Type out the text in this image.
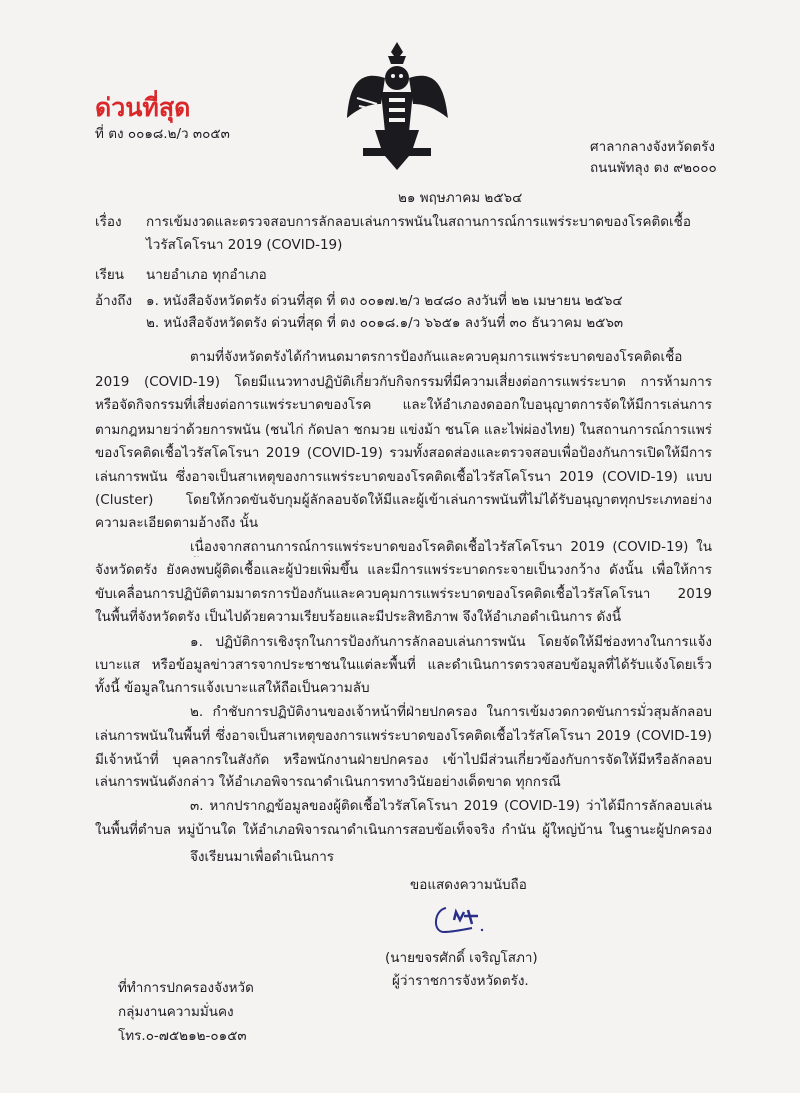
ด่วนที่สุด
ที่ ตง ๐๐๑๘.๒/ว ๓๐๕๓
ศาลากลางจังหวัดตรัง
ถนนพัทลุง ตง ๙๒๐๐๐
๒๑ พฤษภาคม ๒๕๖๔
เรื่อง การเข้มงวดและตรวจสอบการลักลอบเล่นการพนันในสถานการณ์การแพร่ระบาดของโรคติดเชื้อ
ไวรัสโคโรนา 2019 (COVID-19)
เรียน นายอำเภอ ทุกอำเภอ
อ้างถึง ๑. หนังสือจังหวัดตรัง ด่วนที่สุด ที่ ตง ๐๐๑๗.๒/ว ๒๔๘๐ ลงวันที่ ๒๒ เมษายน ๒๕๖๔
๒. หนังสือจังหวัดตรัง ด่วนที่สุด ที่ ตง ๐๐๑๘.๑/ว ๖๖๕๑ ลงวันที่ ๓๐ ธันวาคม ๒๕๖๓
ตามที่จังหวัดตรังได้กำหนดมาตรการป้องกันและควบคุมการแพร่ระบาดของโรคติดเชื้อ
2019 (COVID-19) โดยมีแนวทางปฏิบัติเกี่ยวกับกิจกรรมที่มีความเสี่ยงต่อการแพร่ระบาด การห้ามการ
หรือจัดกิจกรรมที่เสี่ยงต่อการแพร่ระบาดของโรค และให้อำเภองดออกใบอนุญาตการจัดให้มีการเล่นการ
ตามกฎหมายว่าด้วยการพนัน (ชนไก่ กัดปลา ชกมวย แข่งม้า ชนโค และไพ่ผ่องไทย) ในสถานการณ์การแพร่
ของโรคติดเชื้อไวรัสโคโรนา 2019 (COVID-19) รวมทั้งสอดส่องและตรวจสอบเพื่อป้องกันการเปิดให้มีการ
เล่นการพนัน ซึ่งอาจเป็นสาเหตุของการแพร่ระบาดของโรคติดเชื้อไวรัสโคโรนา 2019 (COVID-19) แบบ
(Cluster) โดยให้กวดขันจับกุมผู้ลักลอบจัดให้มีและผู้เข้าเล่นการพนันที่ไม่ได้รับอนุญาตทุกประเภทอย่าง
ความละเอียดตามอ้างถึง นั้น
เนื่องจากสถานการณ์การแพร่ระบาดของโรคติดเชื้อไวรัสโคโรนา 2019 (COVID-19) ใน
จังหวัดตรัง ยังคงพบผู้ติดเชื้อและผู้ป่วยเพิ่มขึ้น และมีการแพร่ระบาดกระจายเป็นวงกว้าง ดังนั้น เพื่อให้การ
ขับเคลื่อนการปฏิบัติตามมาตรการป้องกันและควบคุมการแพร่ระบาดของโรคติดเชื้อไวรัสโคโรนา 2019
ในพื้นที่จังหวัดตรัง เป็นไปด้วยความเรียบร้อยและมีประสิทธิภาพ จึงให้อำเภอดำเนินการ ดังนี้
๑. ปฏิบัติการเชิงรุกในการป้องกันการลักลอบเล่นการพนัน โดยจัดให้มีช่องทางในการแจ้ง
เบาะแส หรือข้อมูลข่าวสารจากประชาชนในแต่ละพื้นที่ และดำเนินการตรวจสอบข้อมูลที่ได้รับแจ้งโดยเร็ว
ทั้งนี้ ข้อมูลในการแจ้งเบาะแสให้ถือเป็นความลับ
๒. กำชับการปฏิบัติงานของเจ้าหน้าที่ฝ่ายปกครอง ในการเข้มงวดกวดขันการมั่วสุมลักลอบ
เล่นการพนันในพื้นที่ ซึ่งอาจเป็นสาเหตุของการแพร่ระบาดของโรคติดเชื้อไวรัสโคโรนา 2019 (COVID-19)
มีเจ้าหน้าที่ บุคลากรในสังกัด หรือพนักงานฝ่ายปกครอง เข้าไปมีส่วนเกี่ยวข้องกับการจัดให้มีหรือลักลอบ
เล่นการพนันดังกล่าว ให้อำเภอพิจารณาดำเนินการทางวินัยอย่างเด็ดขาด ทุกกรณี
๓. หากปรากฏข้อมูลของผู้ติดเชื้อไวรัสโคโรนา 2019 (COVID-19) ว่าได้มีการลักลอบเล่น
ในพื้นที่ตำบล หมู่บ้านใด ให้อำเภอพิจารณาดำเนินการสอบข้อเท็จจริง กำนัน ผู้ใหญ่บ้าน ในฐานะผู้ปกครอง
จึงเรียนมาเพื่อดำเนินการ
ขอแสดงความนับถือ
(นายขจรศักดิ์ เจริญโสภา)
ผู้ว่าราชการจังหวัดตรัง.
ที่ทำการปกครองจังหวัด
กลุ่มงานความมั่นคง
โทร.๐-๗๕๒๑๒-๐๑๕๓
